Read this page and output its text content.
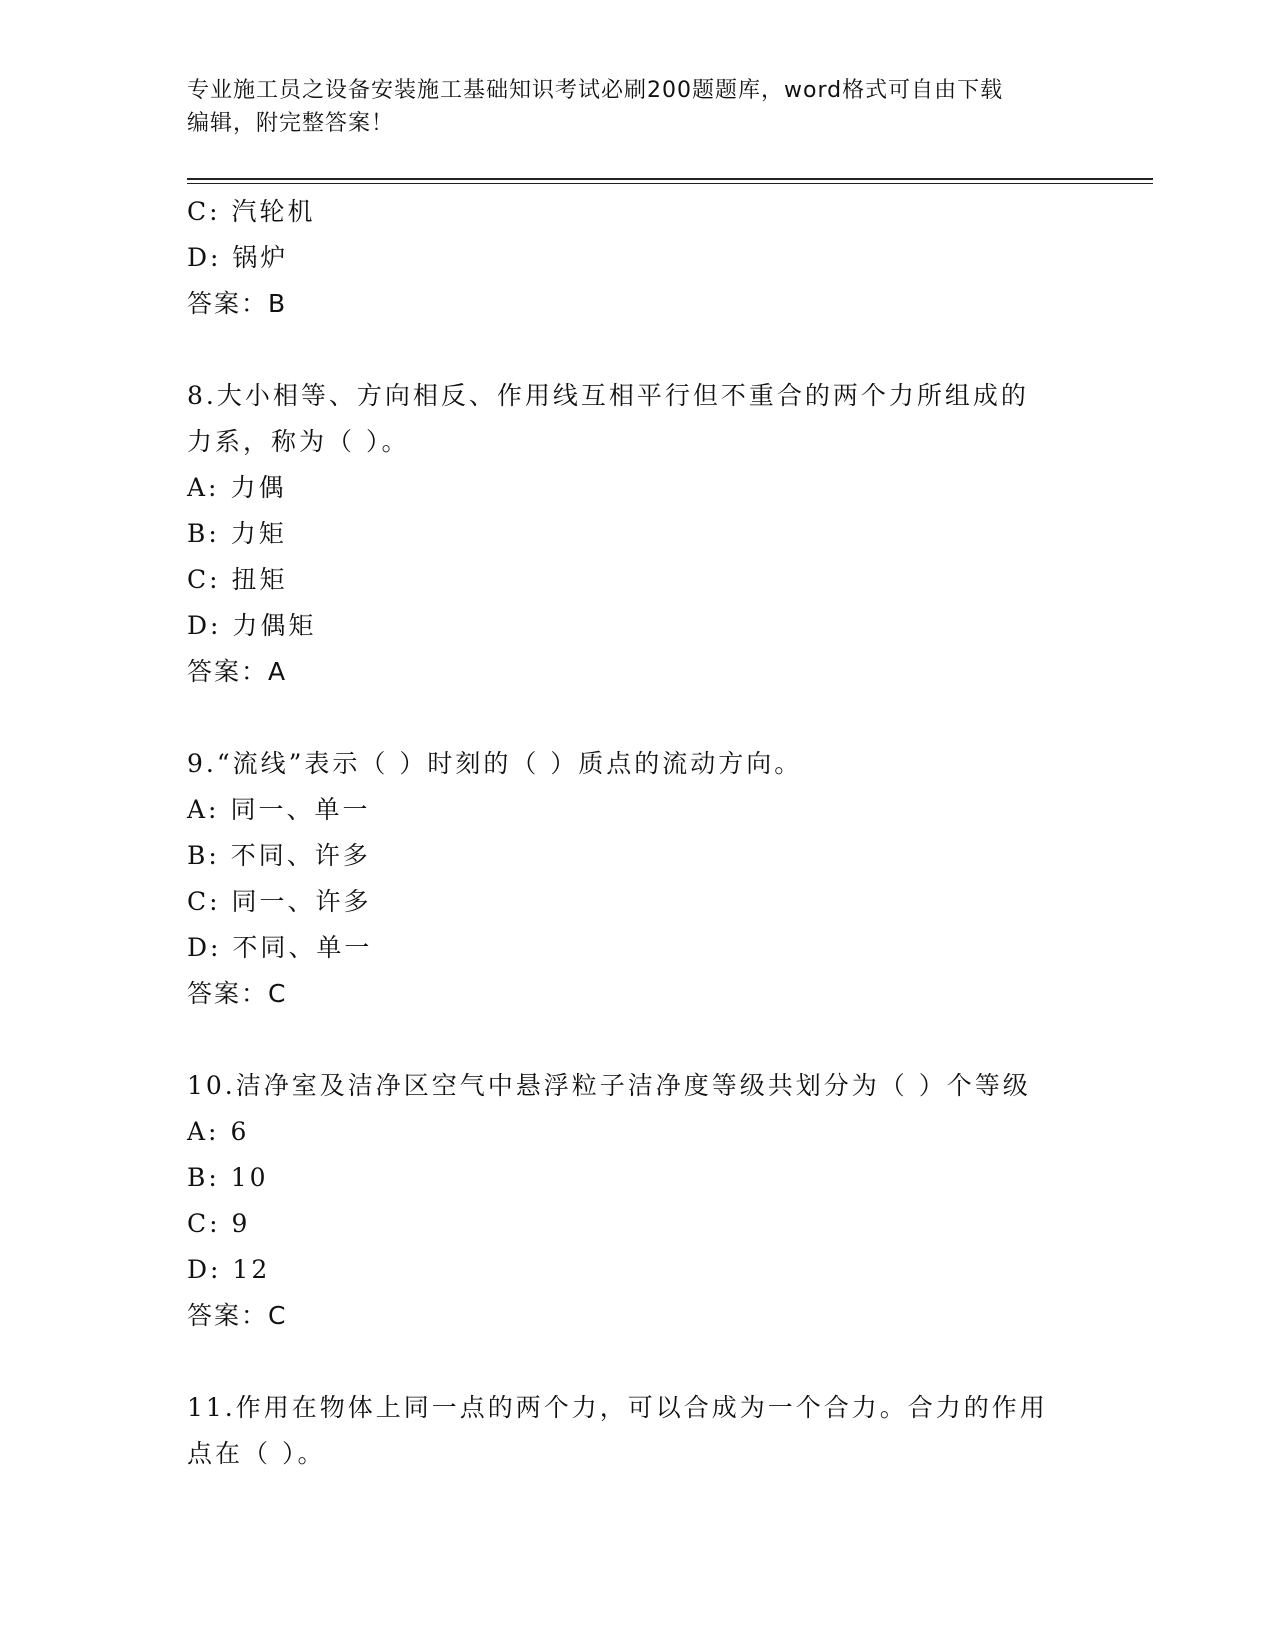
专业施工员之设备安装施工基础知识考试必刷200题题库，word格式可自由下载
编辑，附完整答案！
C: 汽轮机
D: 锅炉
答案：B
8.大小相等、方向相反、作用线互相平行但不重合的两个力所组成的
力系，称为（ ）。
A: 力偶
B: 力矩
C: 扭矩
D: 力偶矩
答案：A
9.“流线”表示（ ）时刻的（ ）质点的流动方向。
A: 同一、单一
B: 不同、许多
C: 同一、许多
D: 不同、单一
答案：C
10.洁净室及洁净区空气中悬浮粒子洁净度等级共划分为（ ）个等级
A: 6
B: 10
C: 9
D: 12
答案：C
11.作用在物体上同一点的两个力，可以合成为一个合力。合力的作用
点在（ ）。
